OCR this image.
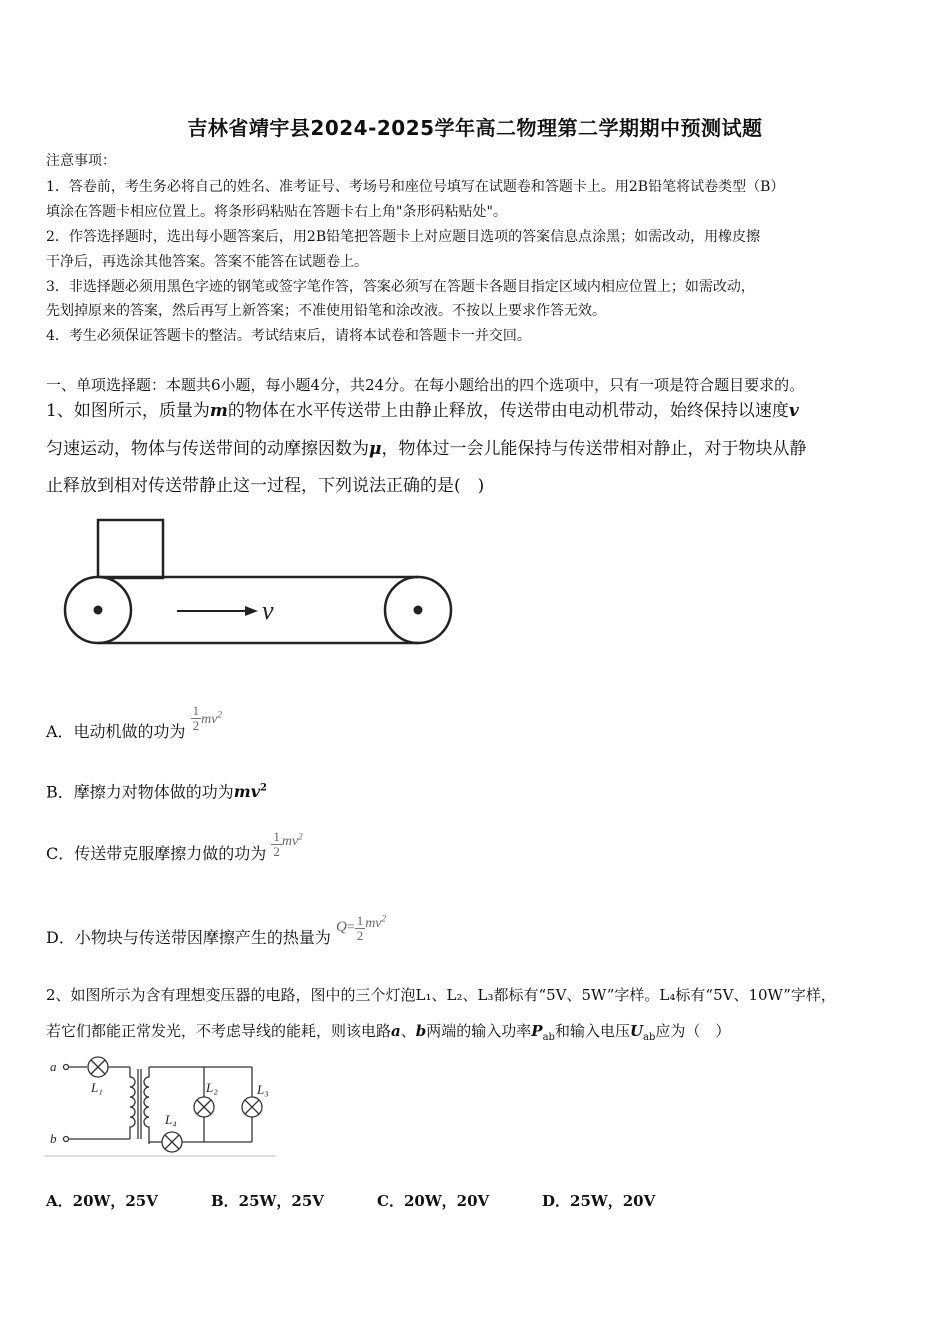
吉林省靖宇县2024-2025学年高二物理第二学期期中预测试题
注意事项：
1．答卷前，考生务必将自己的姓名、准考证号、考场号和座位号填写在试题卷和答题卡上。用2B铅笔将试卷类型（B）
填涂在答题卡相应位置上。将条形码粘贴在答题卡右上角"条形码粘贴处"。
2．作答选择题时，选出每小题答案后，用2B铅笔把答题卡上对应题目选项的答案信息点涂黑；如需改动，用橡皮擦
干净后，再选涂其他答案。答案不能答在试题卷上。
3．非选择题必须用黑色字迹的钢笔或签字笔作答，答案必须写在答题卡各题目指定区域内相应位置上；如需改动，
先划掉原来的答案，然后再写上新答案；不准使用铅笔和涂改液。不按以上要求作答无效。
4．考生必须保证答题卡的整洁。考试结束后，请将本试卷和答题卡一并交回。
一、单项选择题：本题共6小题，每小题4分，共24分。在每小题给出的四个选项中，只有一项是符合题目要求的。
1、如图所示，质量为m的物体在水平传送带上由静止释放，传送带由电动机带动，始终保持以速度v
匀速运动，物体与传送带间的动摩擦因数为μ，物体过一会儿能保持与传送带相对静止，对于物块从静
止释放到相对传送带静止这一过程，下列说法正确的是(　)
v
A．电动机做的功为 $\frac{1}{2} mv^2$
B．摩擦力对物体做的功为$mv^2$
C．传送带克服摩擦力做的功为 $\frac{1}{2} mv^2$
D．小物块与传送带因摩擦产生的热量为 $Q= \frac{1}{2} mv^2$
2、如图所示为含有理想变压器的电路，图中的三个灯泡L₁、L₂、L₃都标有“5V、5W”字样。L₄标有“5V、10W”字样，
若它们都能正常发光，不考虑导线的能耗，则该电路a、b两端的输入功率$P_{ab}$和输入电压$U_{ab}$应为（　）
a
b
L₁	L₂	L₃
L₄
A．20W，25V	B．25W，25V	C．20W，20V	D．25W，20V
